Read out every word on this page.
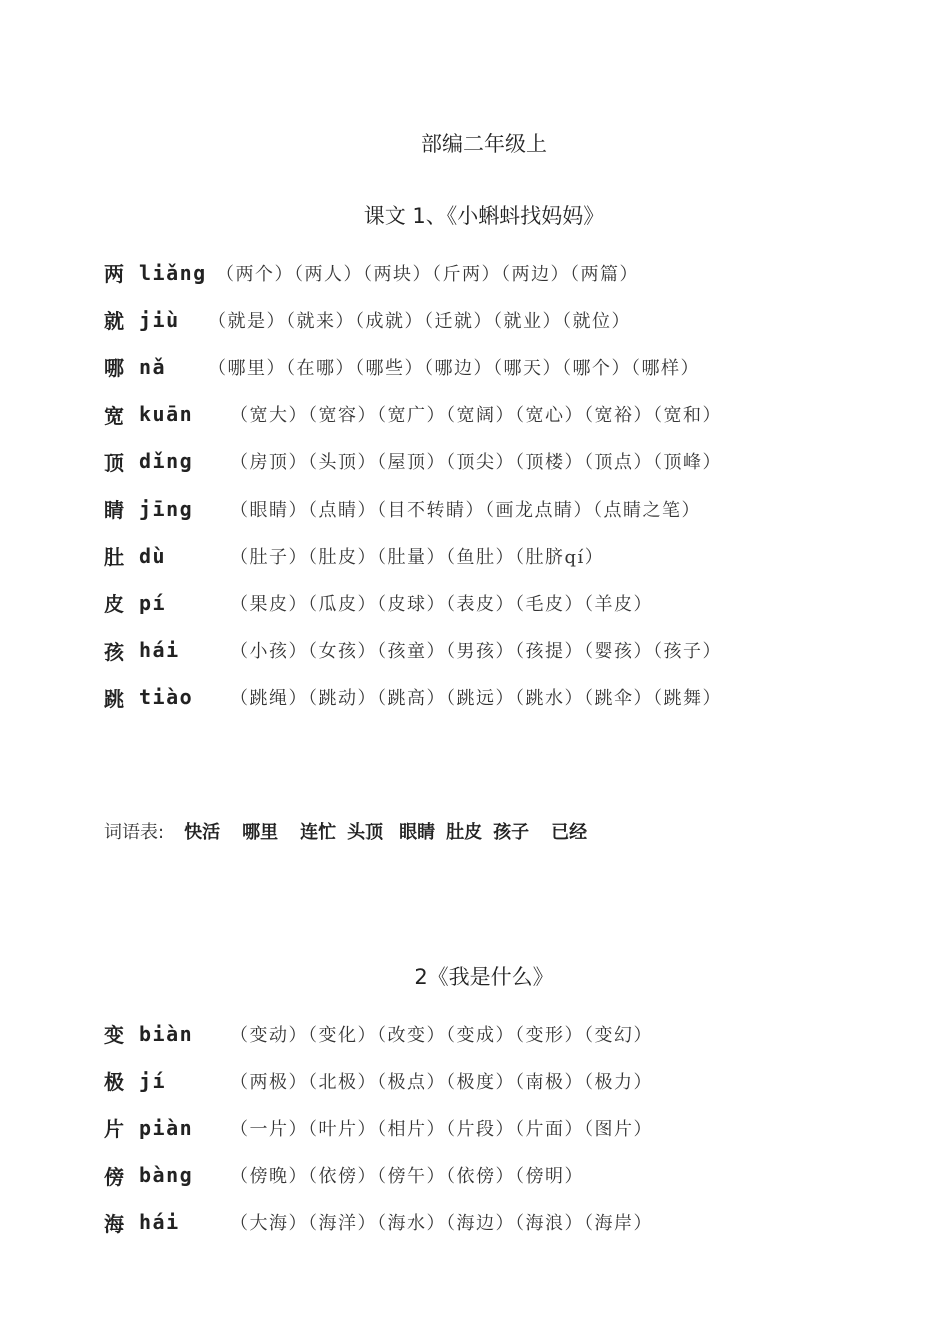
部编二年级上
课文 1、《小蝌蚪找妈妈》
两 liǎng （两个）（两人）（两块）（斤两）（两边）（两篇）
就 jiù （就是）（就来）（成就）（迁就）（就业）（就位）
哪 nǎ （哪里）（在哪）（哪些）（哪边）（哪天）（哪个）（哪样）
宽 kuān （宽大）（宽容）（宽广）（宽阔）（宽心）（宽裕）（宽和）
顶 dǐng （房顶）（头顶）（屋顶）（顶尖）（顶楼）（顶点）（顶峰）
睛 jīng （眼睛）（点睛）（目不转睛）（画龙点睛）（点睛之笔）
肚 dù	（肚子）（肚皮）（肚量）（鱼肚）（肚脐qí）
皮 pí	（果皮）（瓜皮）（皮球）（表皮）（毛皮）（羊皮）
孩 hái	（小孩）（女孩）（孩童）（男孩）（孩提）（婴孩）（孩子）
跳 tiào （跳绳）（跳动）（跳高）（跳远）（跳水）（跳伞）（跳舞）
词语表: 快活 哪里 连忙 头顶 眼睛 肚皮 孩子 已经
2《我是什么》
变 biàn （变动）（变化）（改变）（变成）（变形）（变幻）
极 jí	（两极）（北极）（极点）（极度）（南极）（极力）
片 piàn （一片）（叶片）（相片）（片段）（片面）（图片）
傍 bàng （傍晚）（依傍）（傍午）（依傍）（傍明）
海 hái	（大海）（海洋）（海水）（海边）（海浪）（海岸）
